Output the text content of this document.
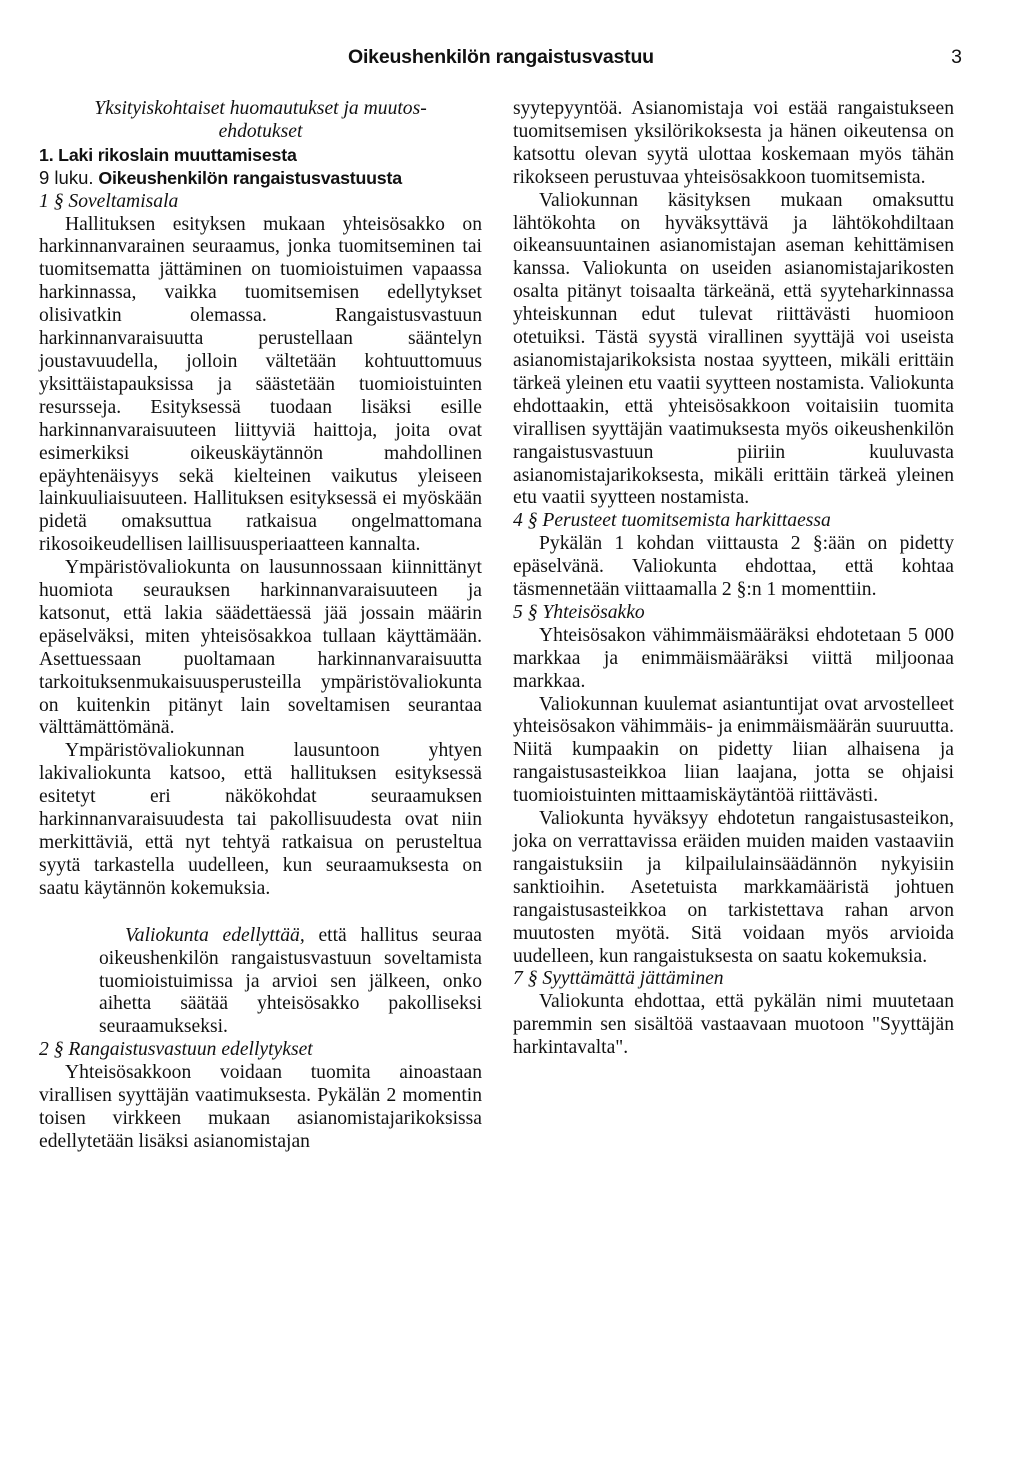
Oikeushenkilön rangaistusvastuu	3

Yksityiskohtaiset huomautukset ja muutos-ehdotukset

1. Laki rikoslain muuttamisesta

9 luku. Oikeushenkilön rangaistusvastuusta

1 § Soveltamisala

Hallituksen esityksen mukaan yhteisösakko on harkinnanvarainen seuraamus, jonka tuomitseminen tai tuomitsematta jättäminen on tuomioistuimen vapaassa harkinnassa, vaikka tuomitsemisen edellytykset olisivatkin olemassa. Rangaistusvastuun harkinnanvaraisuutta perustellaan sääntelyn joustavuudella, jolloin vältetään kohtuuttomuus yksittäistapauksissa ja säästetään tuomioistuinten resursseja. Esityksessä tuodaan lisäksi esille harkinnanvaraisuuteen liittyviä haittoja, joita ovat esimerkiksi oikeuskäytännön mahdollinen epäyhtenäisyys sekä kielteinen vaikutus yleiseen lainkuuliaisuuteen. Hallituksen esityksessä ei myöskään pidetä omaksuttua ratkaisua ongelmattomana rikosoikeudellisen laillisuusperiaatteen kannalta.

Ympäristövaliokunta on lausunnossaan kiinnittänyt huomiota seurauksen harkinnanvaraisuuteen ja katsonut, että lakia säädettäessä jää jossain määrin epäselväksi, miten yhteisösakkoa tullaan käyttämään. Asettuessaan puoltamaan harkinnanvaraisuutta tarkoituksenmukaisuusperusteilla ympäristövaliokunta on kuitenkin pitänyt lain soveltamisen seurantaa välttämättömänä.

Ympäristövaliokunnan lausuntoon yhtyen lakivaliokunta katsoo, että hallituksen esityksessä esitetyt eri näkökohdat seuraamuksen harkinnanvaraisuudesta tai pakollisuudesta ovat niin merkittäviä, että nyt tehtyä ratkaisua on perusteltua syytä tarkastella uudelleen, kun seuraamuksesta on saatu käytännön kokemuksia.

Valiokunta edellyttää, että hallitus seuraa oikeushenkilön rangaistusvastuun soveltamista tuomioistuimissa ja arvioi sen jälkeen, onko aihetta säätää yhteisösakko pakolliseksi seuraamukseksi.

2 § Rangaistusvastuun edellytykset

Yhteisösakkoon voidaan tuomita ainoastaan virallisen syyttäjän vaatimuksesta. Pykälän 2 momentin toisen virkkeen mukaan asianomistajarikoksissa edellytetään lisäksi asianomistajan

syytepyyntöä. Asianomistaja voi estää rangaistukseen tuomitsemisen yksilörikoksesta ja hänen oikeutensa on katsottu olevan syytä ulottaa koskemaan myös tähän rikokseen perustuvaa yhteisösakkoon tuomitsemista.

Valiokunnan käsityksen mukaan omaksuttu lähtökohta on hyväksyttävä ja lähtökohdiltaan oikeansuuntainen asianomistajan aseman kehittämisen kanssa. Valiokunta on useiden asianomistajarikosten osalta pitänyt toisaalta tärkeänä, että syyteharkinnassa yhteiskunnan edut tulevat riittävästi huomioon otetuiksi. Tästä syystä virallinen syyttäjä voi useista asianomistajarikoksista nostaa syytteen, mikäli erittäin tärkeä yleinen etu vaatii syytteen nostamista. Valiokunta ehdottaakin, että yhteisösakkoon voitaisiin tuomita virallisen syyttäjän vaatimuksesta myös oikeushenkilön rangaistusvastuun piiriin kuuluvasta asianomistajarikoksesta, mikäli erittäin tärkeä yleinen etu vaatii syytteen nostamista.

4 § Perusteet tuomitsemista harkittaessa

Pykälän 1 kohdan viittausta 2 §:ään on pidetty epäselvänä. Valiokunta ehdottaa, että kohtaa täsmennetään viittaamalla 2 §:n 1 momenttiin.

5 § Yhteisösakko

Yhteisösakon vähimmäismääräksi ehdotetaan 5 000 markkaa ja enimmäismääräksi viittä miljoonaa markkaa.

Valiokunnan kuulemat asiantuntijat ovat arvostelleet yhteisösakon vähimmäis- ja enimmäismäärän suuruutta. Niitä kumpaakin on pidetty liian alhaisena ja rangaistusasteikkoa liian laajana, jotta se ohjaisi tuomioistuinten mittaamiskäytäntöä riittävästi.

Valiokunta hyväksyy ehdotetun rangaistusasteikon, joka on verrattavissa eräiden muiden maiden vastaaviin rangaistuksiin ja kilpailulainsäädännön nykyisiin sanktioihin. Asetetuista markkamääristä johtuen rangaistusasteikkoa on tarkistettava rahan arvon muutosten myötä. Sitä voidaan myös arvioida uudelleen, kun rangaistuksesta on saatu kokemuksia.

7 § Syyttämättä jättäminen

Valiokunta ehdottaa, että pykälän nimi muutetaan paremmin sen sisältöä vastaavaan muotoon "Syyttäjän harkintavalta".
